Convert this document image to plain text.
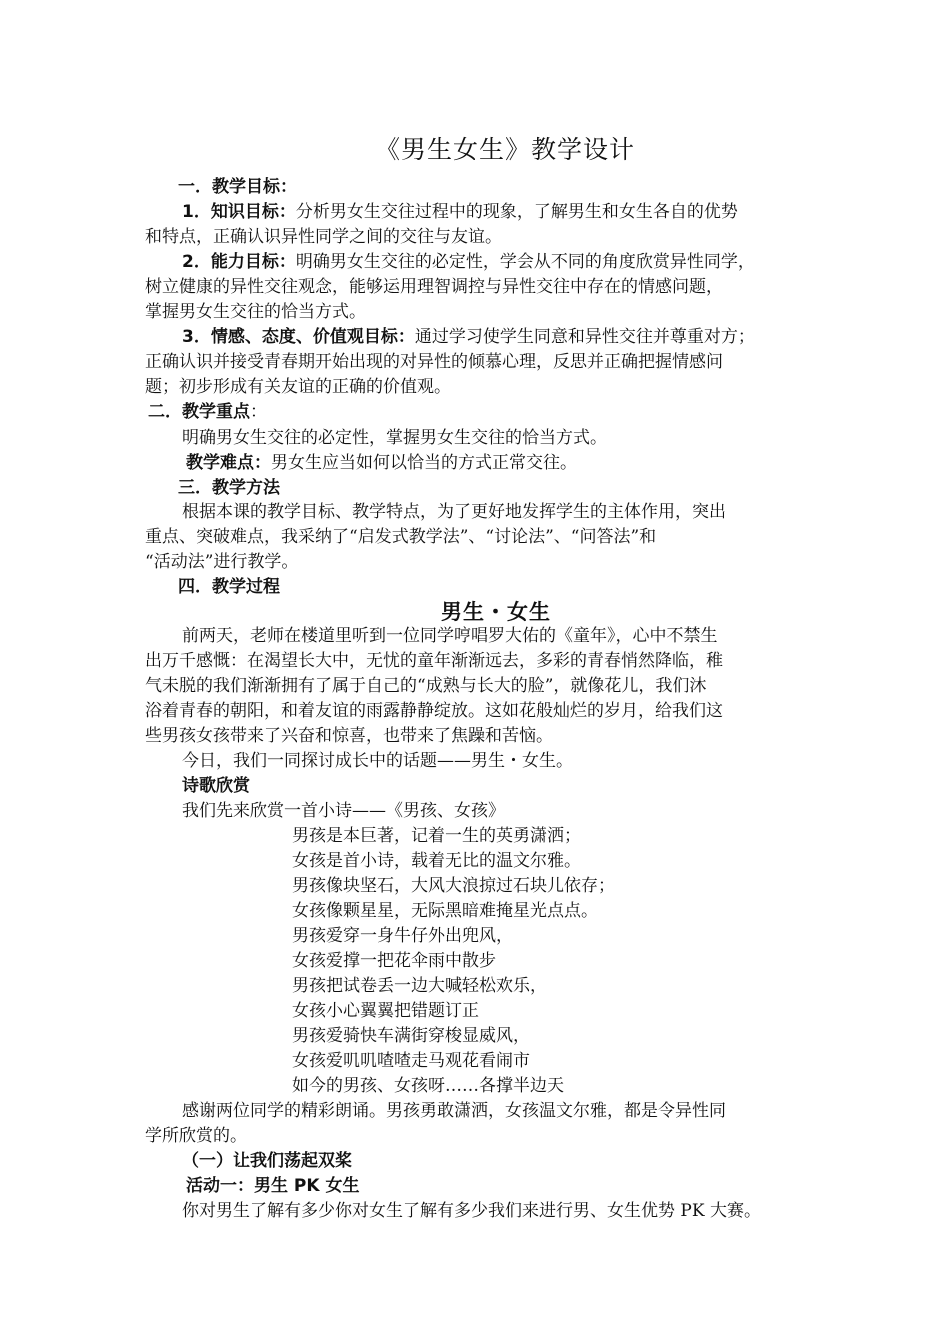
《男生女生》教学设计
一．教学目标：
1．知识目标：分析男女生交往过程中的现象，了解男生和女生各自的优势
和特点，正确认识异性同学之间的交往与友谊。
2．能力目标：明确男女生交往的必定性，学会从不同的角度欣赏异性同学，
树立健康的异性交往观念，能够运用理智调控与异性交往中存在的情感问题，
掌握男女生交往的恰当方式。
3．情感、态度、价值观目标：通过学习使学生同意和异性交往并尊重对方；
正确认识并接受青春期开始出现的对异性的倾慕心理，反思并正确把握情感问
题；初步形成有关友谊的正确的价值观。
二．教学重点：
明确男女生交往的必定性，掌握男女生交往的恰当方式。
教学难点：男女生应当如何以恰当的方式正常交往。
三．教学方法
根据本课的教学目标、教学特点，为了更好地发挥学生的主体作用，突出
重点、突破难点，我采纳了“启发式教学法”、“讨论法”、“问答法”和
“活动法”进行教学。
四．教学过程
男生・女生
前两天，老师在楼道里听到一位同学哼唱罗大佑的《童年》，心中不禁生
出万千感慨：在渴望长大中，无忧的童年渐渐远去，多彩的青春悄然降临，稚
气未脱的我们渐渐拥有了属于自己的“成熟与长大的脸”，就像花儿，我们沐
浴着青春的朝阳，和着友谊的雨露静静绽放。这如花般灿烂的岁月，给我们这
些男孩女孩带来了兴奋和惊喜，也带来了焦躁和苦恼。
今日，我们一同探讨成长中的话题——男生・女生。
诗歌欣赏
我们先来欣赏一首小诗——《男孩、女孩》
男孩是本巨著，记着一生的英勇潇洒；
女孩是首小诗，载着无比的温文尔雅。
男孩像块坚石，大风大浪掠过石块儿依存；
女孩像颗星星，无际黑暗难掩星光点点。
男孩爱穿一身牛仔外出兜风，
女孩爱撑一把花伞雨中散步
男孩把试卷丢一边大喊轻松欢乐，
女孩小心翼翼把错题订正
男孩爱骑快车满街穿梭显威风，
女孩爱叽叽喳喳走马观花看闹市
如今的男孩、女孩呀……各撑半边天
感谢两位同学的精彩朗诵。男孩勇敢潇洒，女孩温文尔雅，都是令异性同
学所欣赏的。
（一）让我们荡起双桨
活动一：男生 PK 女生
你对男生了解有多少你对女生了解有多少我们来进行男、女生优势 PK 大赛。
